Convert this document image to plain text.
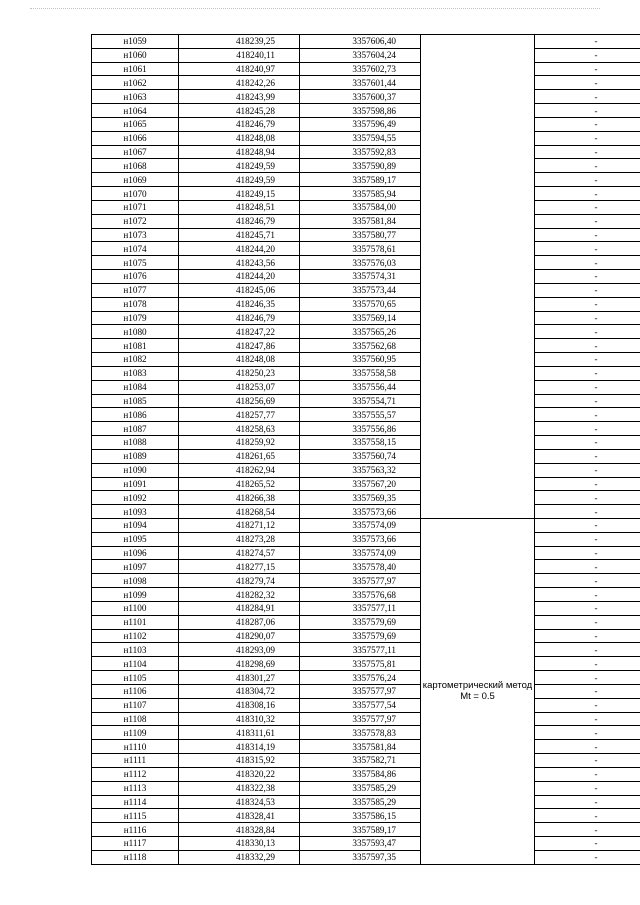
н1059	418239,25	3357606,40		-
н1060	418240,11	3357604,24		-
н1061	418240,97	3357602,73		-
н1062	418242,26	3357601,44		-
н1063	418243,99	3357600,37		-
н1064	418245,28	3357598,86		-
н1065	418246,79	3357596,49		-
н1066	418248,08	3357594,55		-
н1067	418248,94	3357592,83		-
н1068	418249,59	3357590,89		-
н1069	418249,59	3357589,17		-
н1070	418249,15	3357585,94		-
н1071	418248,51	3357584,00		-
н1072	418246,79	3357581,84		-
н1073	418245,71	3357580,77		-
н1074	418244,20	3357578,61		-
н1075	418243,56	3357576,03		-
н1076	418244,20	3357574,31		-
н1077	418245,06	3357573,44		-
н1078	418246,35	3357570,65		-
н1079	418246,79	3357569,14		-
н1080	418247,22	3357565,26		-
н1081	418247,86	3357562,68		-
н1082	418248,08	3357560,95		-
н1083	418250,23	3357558,58		-
н1084	418253,07	3357556,44		-
н1085	418256,69	3357554,71		-
н1086	418257,77	3357555,57		-
н1087	418258,63	3357556,86		-
н1088	418259,92	3357558,15		-
н1089	418261,65	3357560,74		-
н1090	418262,94	3357563,32		-
н1091	418265,52	3357567,20		-
н1092	418266,38	3357569,35		-
н1093	418268,54	3357573,66		-
н1094	418271,12	3357574,09	картометрический метод Mt = 0.5	-
н1095	418273,28	3357573,66		-
н1096	418274,57	3357574,09		-
н1097	418277,15	3357578,40		-
н1098	418279,74	3357577,97		-
н1099	418282,32	3357576,68		-
н1100	418284,91	3357577,11		-
н1101	418287,06	3357579,69		-
н1102	418290,07	3357579,69		-
н1103	418293,09	3357577,11		-
н1104	418298,69	3357575,81		-
н1105	418301,27	3357576,24		-
н1106	418304,72	3357577,97		-
н1107	418308,16	3357577,54		-
н1108	418310,32	3357577,97		-
н1109	418311,61	3357578,83		-
н1110	418314,19	3357581,84		-
н1111	418315,92	3357582,71		-
н1112	418320,22	3357584,86		-
н1113	418322,38	3357585,29		-
н1114	418324,53	3357585,29		-
н1115	418328,41	3357586,15		-
н1116	418328,84	3357589,17		-
н1117	418330,13	3357593,47		-
н1118	418332,29	3357597,35		-
